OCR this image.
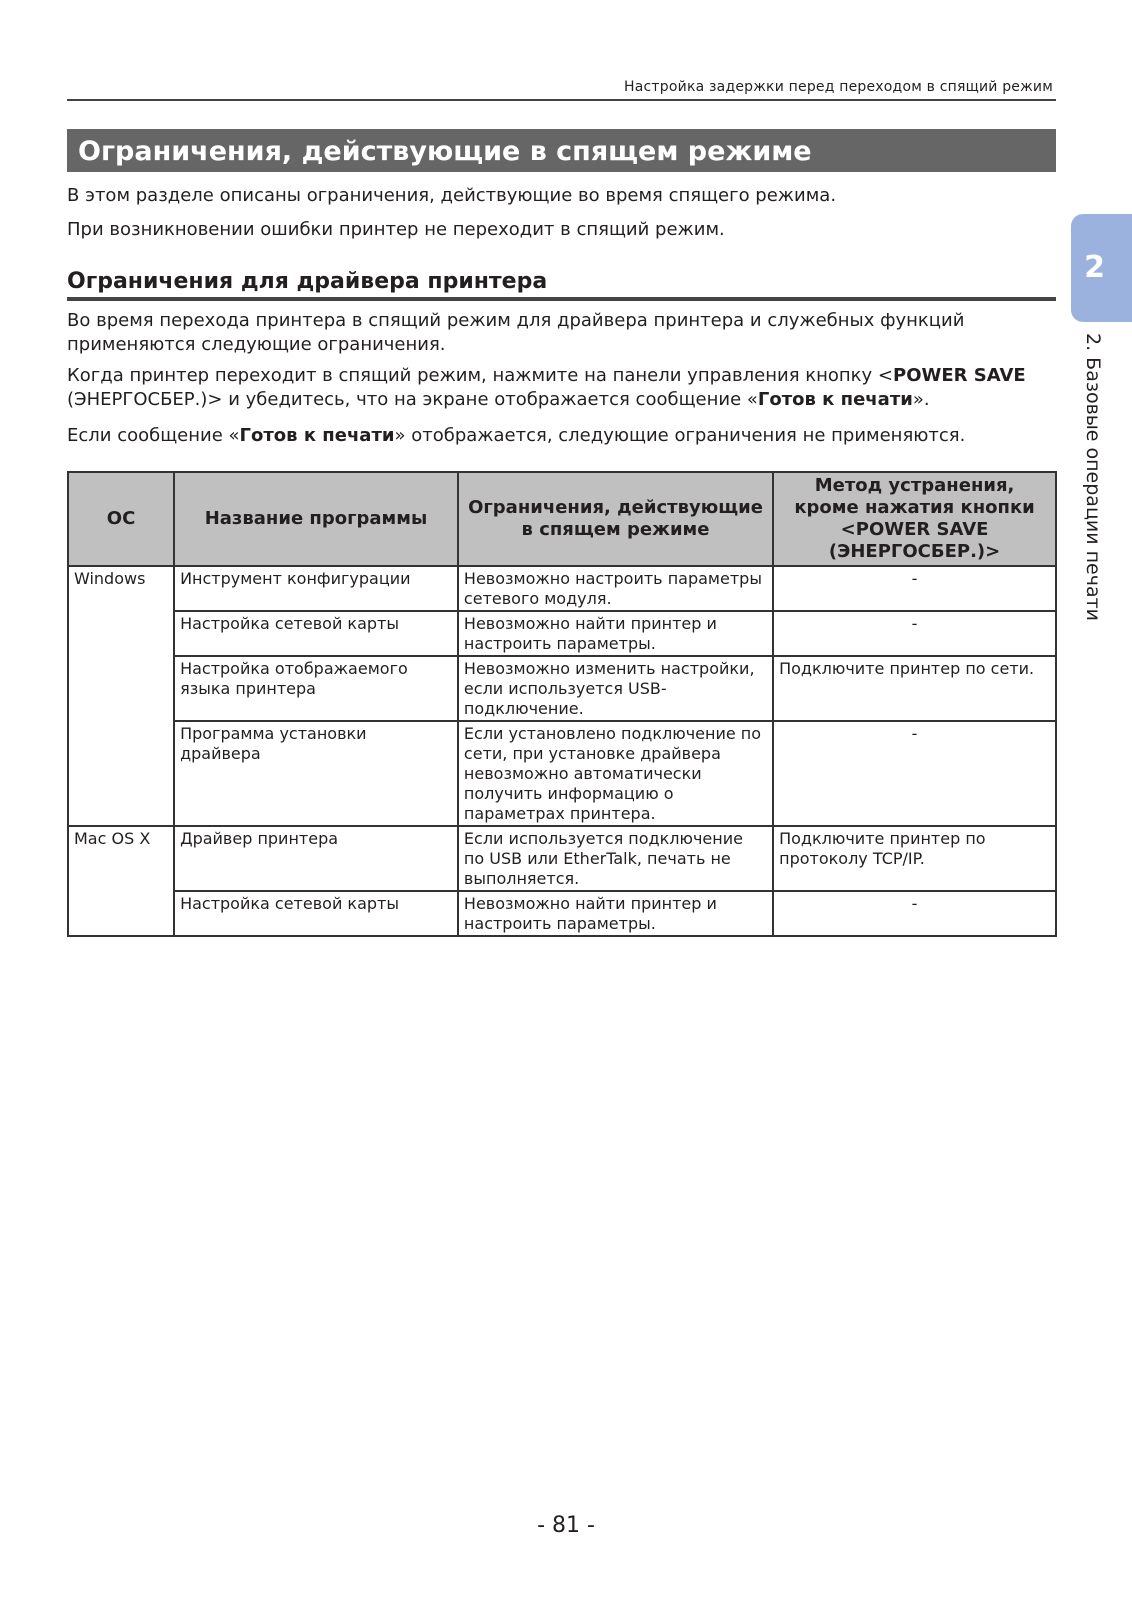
Настройка задержки перед переходом в спящий режим
Ограничения, действующие в спящем режиме
В этом разделе описаны ограничения, действующие во время спящего режима.
При возникновении ошибки принтер не переходит в спящий режим.
Ограничения для драйвера принтера
Во время перехода принтера в спящий режим для драйвера принтера и служебных функций
применяются следующие ограничения.
Когда принтер переходит в спящий режим, нажмите на панели управления кнопку <POWER SAVE
(ЭНЕРГОСБЕР.)> и убедитесь, что на экране отображается сообщение «Готов к печати».
Если сообщение «Готов к печати» отображается, следующие ограничения не применяются.
ОС	Название программы	Ограничения, действующие в спящем режиме	Метод устранения, кроме нажатия кнопки <POWER SAVE (ЭНЕРГОСБЕР.)>
Windows	Инструмент конфигурации	Невозможно настроить параметры сетевого модуля.	-
	Настройка сетевой карты	Невозможно найти принтер и настроить параметры.	-
	Настройка отображаемого языка принтера	Невозможно изменить настройки, если используется USB-подключение.	Подключите принтер по сети.
	Программа установки драйвера	Если установлено подключение по сети, при установке драйвера невозможно автоматически получить информацию о параметрах принтера.	-
Mac OS X	Драйвер принтера	Если используется подключение по USB или EtherTalk, печать не выполняется.	Подключите принтер по протоколу TCP/IP.
	Настройка сетевой карты	Невозможно найти принтер и настроить параметры.	-
2
2. Базовые операции печати
- 81 -
